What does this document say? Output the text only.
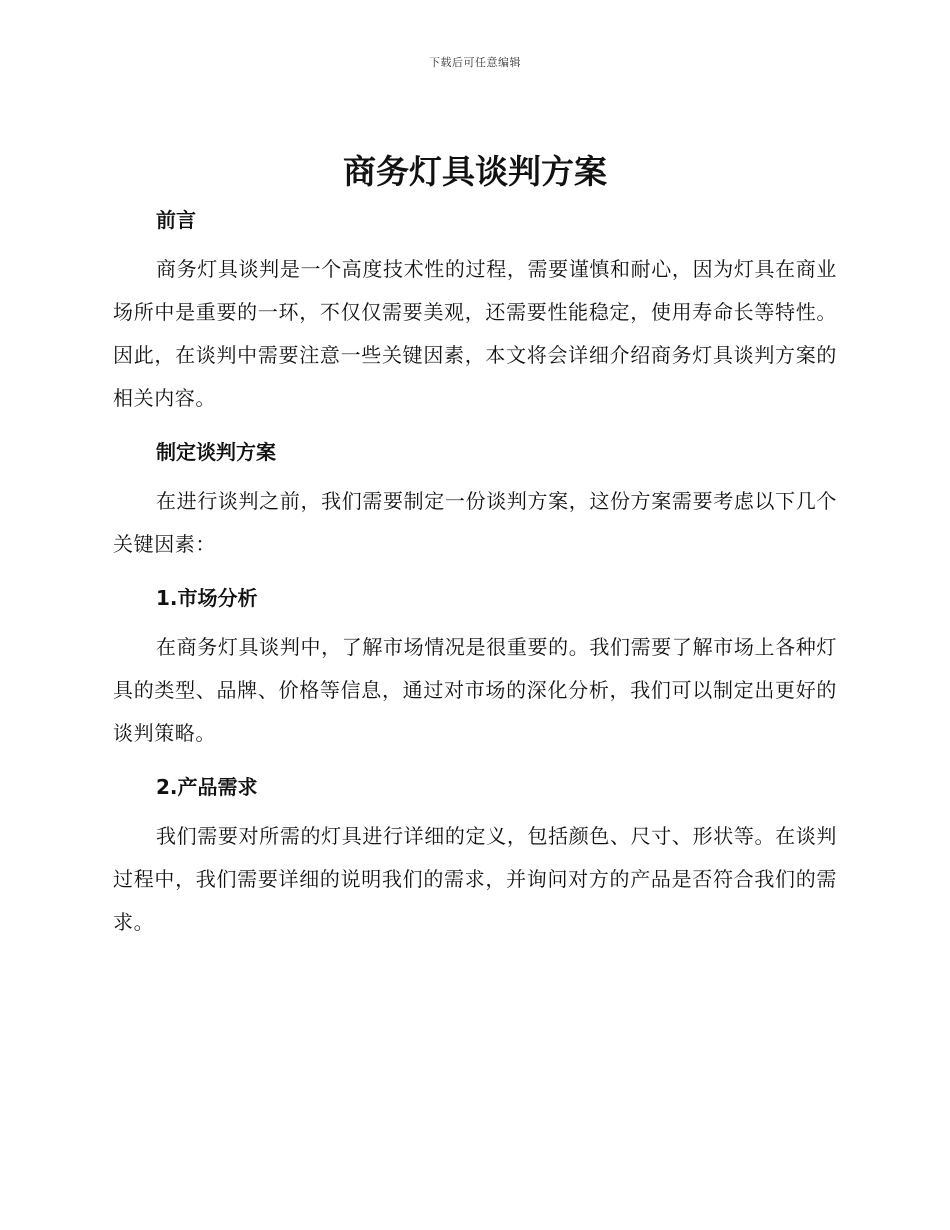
下载后可任意编辑
商务灯具谈判方案
前言

商务灯具谈判是一个高度技术性的过程，需要谨慎和耐心，因为灯具在商业场所中是重要的一环，不仅仅需要美观，还需要性能稳定，使用寿命长等特性。因此，在谈判中需要注意一些关键因素，本文将会详细介绍商务灯具谈判方案的相关内容。

制定谈判方案

在进行谈判之前，我们需要制定一份谈判方案，这份方案需要考虑以下几个关键因素：

1.市场分析

在商务灯具谈判中，了解市场情况是很重要的。我们需要了解市场上各种灯具的类型、品牌、价格等信息，通过对市场的深化分析，我们可以制定出更好的谈判策略。

2.产品需求

我们需要对所需的灯具进行详细的定义，包括颜色、尺寸、形状等。在谈判过程中，我们需要详细的说明我们的需求，并询问对方的产品是否符合我们的需求。
